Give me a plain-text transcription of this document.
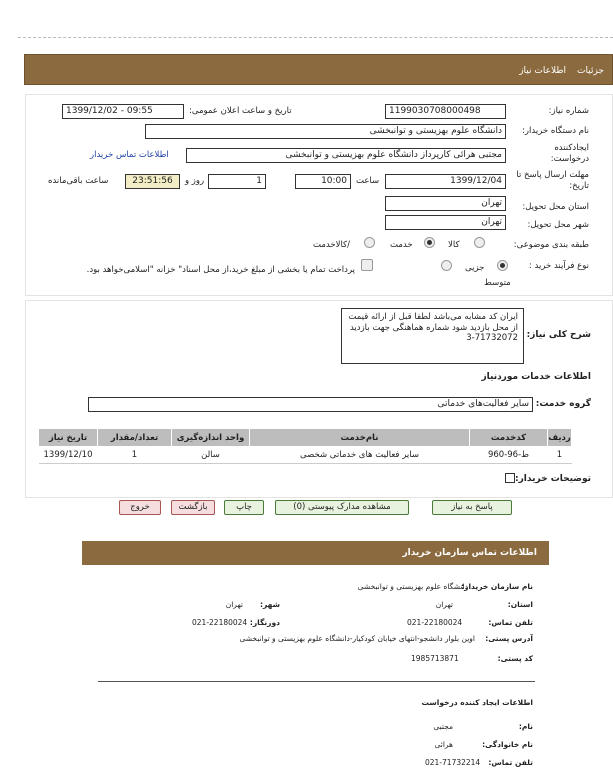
جزئیات
اطلاعات نیاز
شماره نیاز:
1199030708000498
تاریخ و ساعت اعلان عمومی:
1399/12/02 - 09:55
نام دستگاه خریدار:
دانشگاه علوم بهزیستی و توانبخشی
ایجادکننده درخواست:
مجتبی هرائی کارپرداز دانشگاه علوم بهزیستی و توانبخشی
اطلاعات تماس خریدار
مهلت ارسال پاسخ تا تاریخ:
1399/12/04
ساعت
10:00
1
روز و
23:51:56
ساعت باقی‌مانده
استان محل تحویل:
تهران
شهر محل تحویل:
تهران
طبقه بندی موضوعی:
کالا
خدمت
/کالاخدمت
نوع فرآیند خرید :
جزیی
متوسط
پرداخت تمام یا بخشی از مبلغ خرید،از محل اسناد" خزانه "اسلامی‌خواهد بود.
شرح کلی نیاز:
ایران کد مشابه می‌باشد لطفا قبل از ارائه قیمت از محل بازدید شود شماره هماهنگی جهت بازدید 71732072-3
اطلاعات خدمات مورد‌نیاز
گروه خدمت:
سایر فعالیت‌های خدماتی
ردیف	کدخدمت	نام‌خدمت	واحد اندازه‌گیری	تعداد/مقدار	تاریخ نیاز
1	ط-96-960	سایر فعالیت های خدماتی شخصی	سالن	1	1399/12/10
توضیحات خریدار:
پاسخ به نیاز
مشاهده مدارک پیوستی (0)
چاپ
بازگشت
خروج
اطلاعات تماس سازمان خریدار
نام سازمان خریدار:
دانشگاه علوم بهزیستی و توانبخشی
استان:
تهران
شهر:
تهران
تلفن تماس:
021-22180024
دورنگار:
021-22180024
آدرس پستی:
اوین بلوار دانشجو-انتهای خیابان کودکیار-دانشگاه علوم بهزیستی و توانبخشی
کد پستی:
1985713871
اطلاعات ایجاد کننده درخواست
نام:
مجتبی
نام خانوادگی:
هرائی
تلفن تماس:
021-71732214
